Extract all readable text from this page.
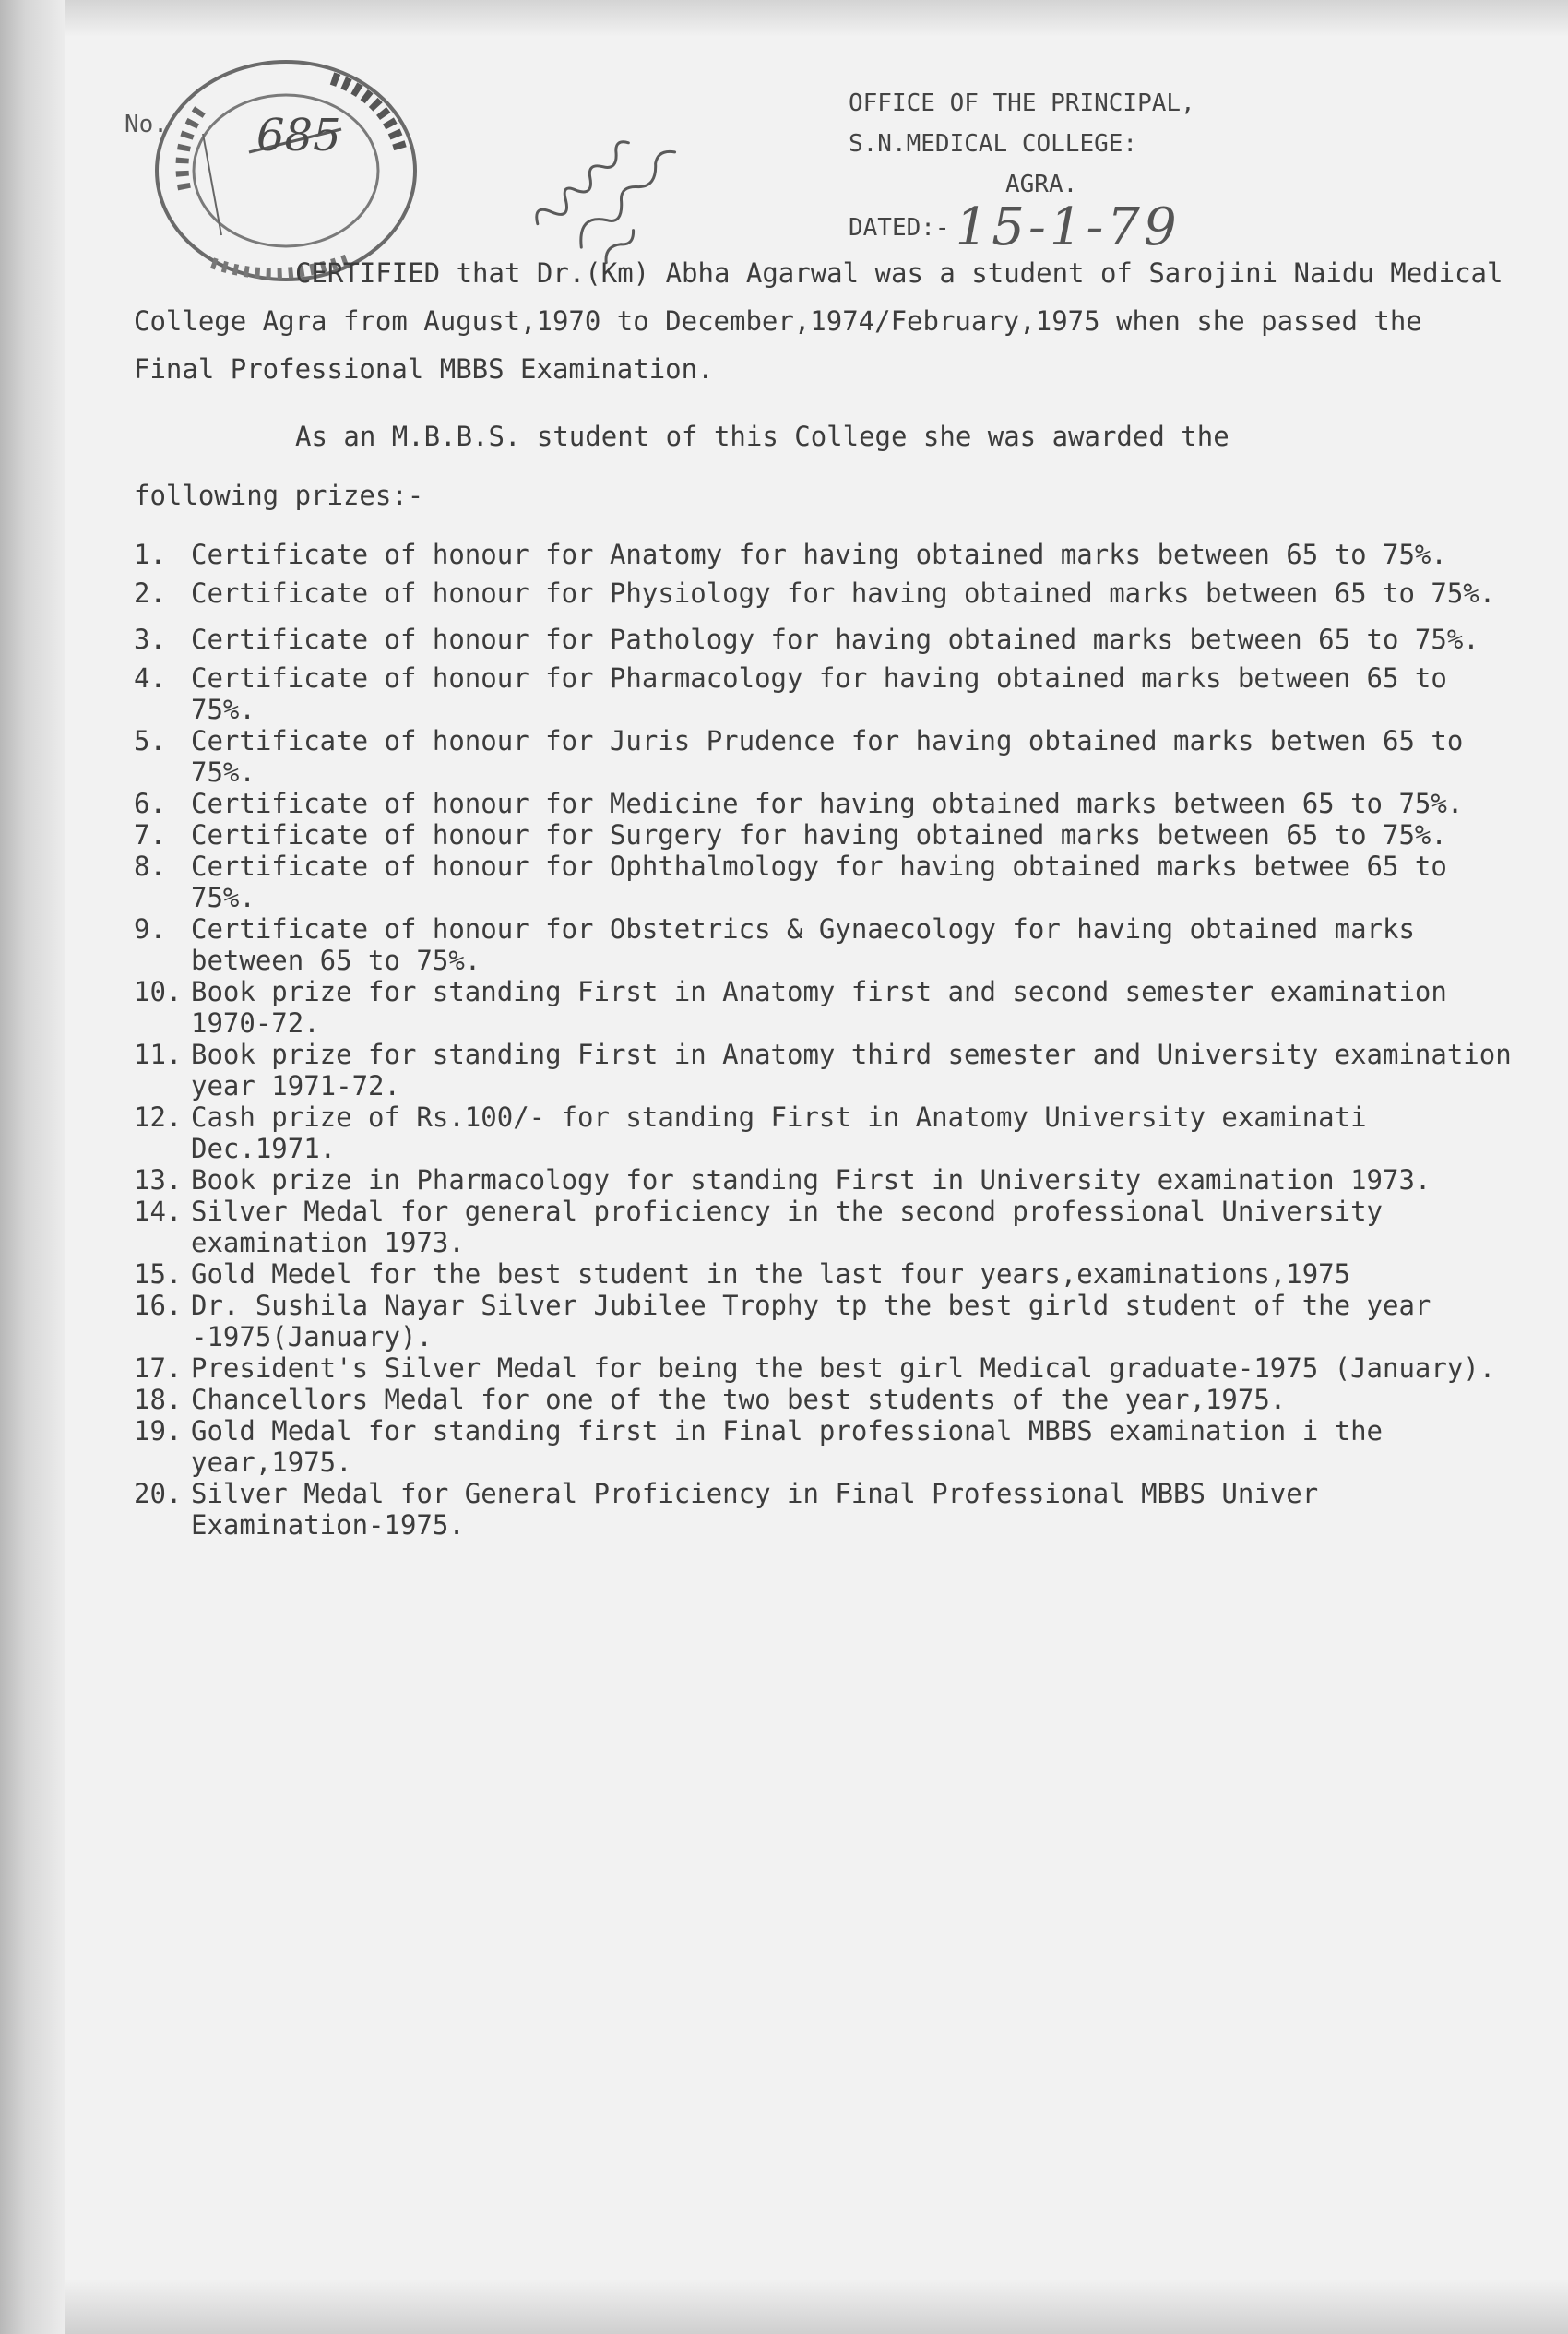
No. 685
OFFICE OF THE PRINCIPAL,
S.N.MEDICAL COLLEGE:
AGRA.
DATED:- 15-1-79

CERTIFIED that Dr.(Km) Abha Agarwal was a student of Sarojini Naidu Medical College Agra from August,1970 to December,1974/February,1975 when she passed the Final Professional MBBS Examination.

As an M.B.B.S. student of this College she was awarded the

following prizes:-

1. Certificate of honour for Anatomy for having obtained marks between 65 to 75%.
2. Certificate of honour for Physiology for having obtained marks between 65 to 75%.
3. Certificate of honour for Pathology for having obtained marks between 65 to 75%.
4. Certificate of honour for Pharmacology for having obtained marks between 65 to 75%.
5. Certificate of honour for Juris Prudence for having obtained marks betwen 65 to 75%.
6. Certificate of honour for Medicine for having obtained marks between 65 to 75%.
7. Certificate of honour for Surgery for having obtained marks between 65 to 75%.
8. Certificate of honour for Ophthalmology for having obtained marks betwee 65 to 75%.
9. Certificate of honour for Obstetrics & Gynaecology for having obtained marks between 65 to 75%.
10. Book prize for standing First in Anatomy first and second semester examination 1970-72.
11. Book prize for standing First in Anatomy third semester and University examination year 1971-72.
12. Cash prize of Rs.100/- for standing First in Anatomy University examinati Dec.1971.
13. Book prize in Pharmacology for standing First in University examination 1973.
14. Silver Medal for general proficiency in the second professional University examination 1973.
15. Gold Medel for the best student in the last four years,examinations,1975
16. Dr. Sushila Nayar Silver Jubilee Trophy tp the best girld student of the year -1975(January).
17. President's Silver Medal for being the best girl Medical graduate-1975 (January).
18. Chancellors Medal for one of the two best students of the year,1975.
19. Gold Medal for standing first in Final professional MBBS examination i the year,1975.
20. Silver Medal for General Proficiency in Final Professional MBBS Univer Examination-1975.
